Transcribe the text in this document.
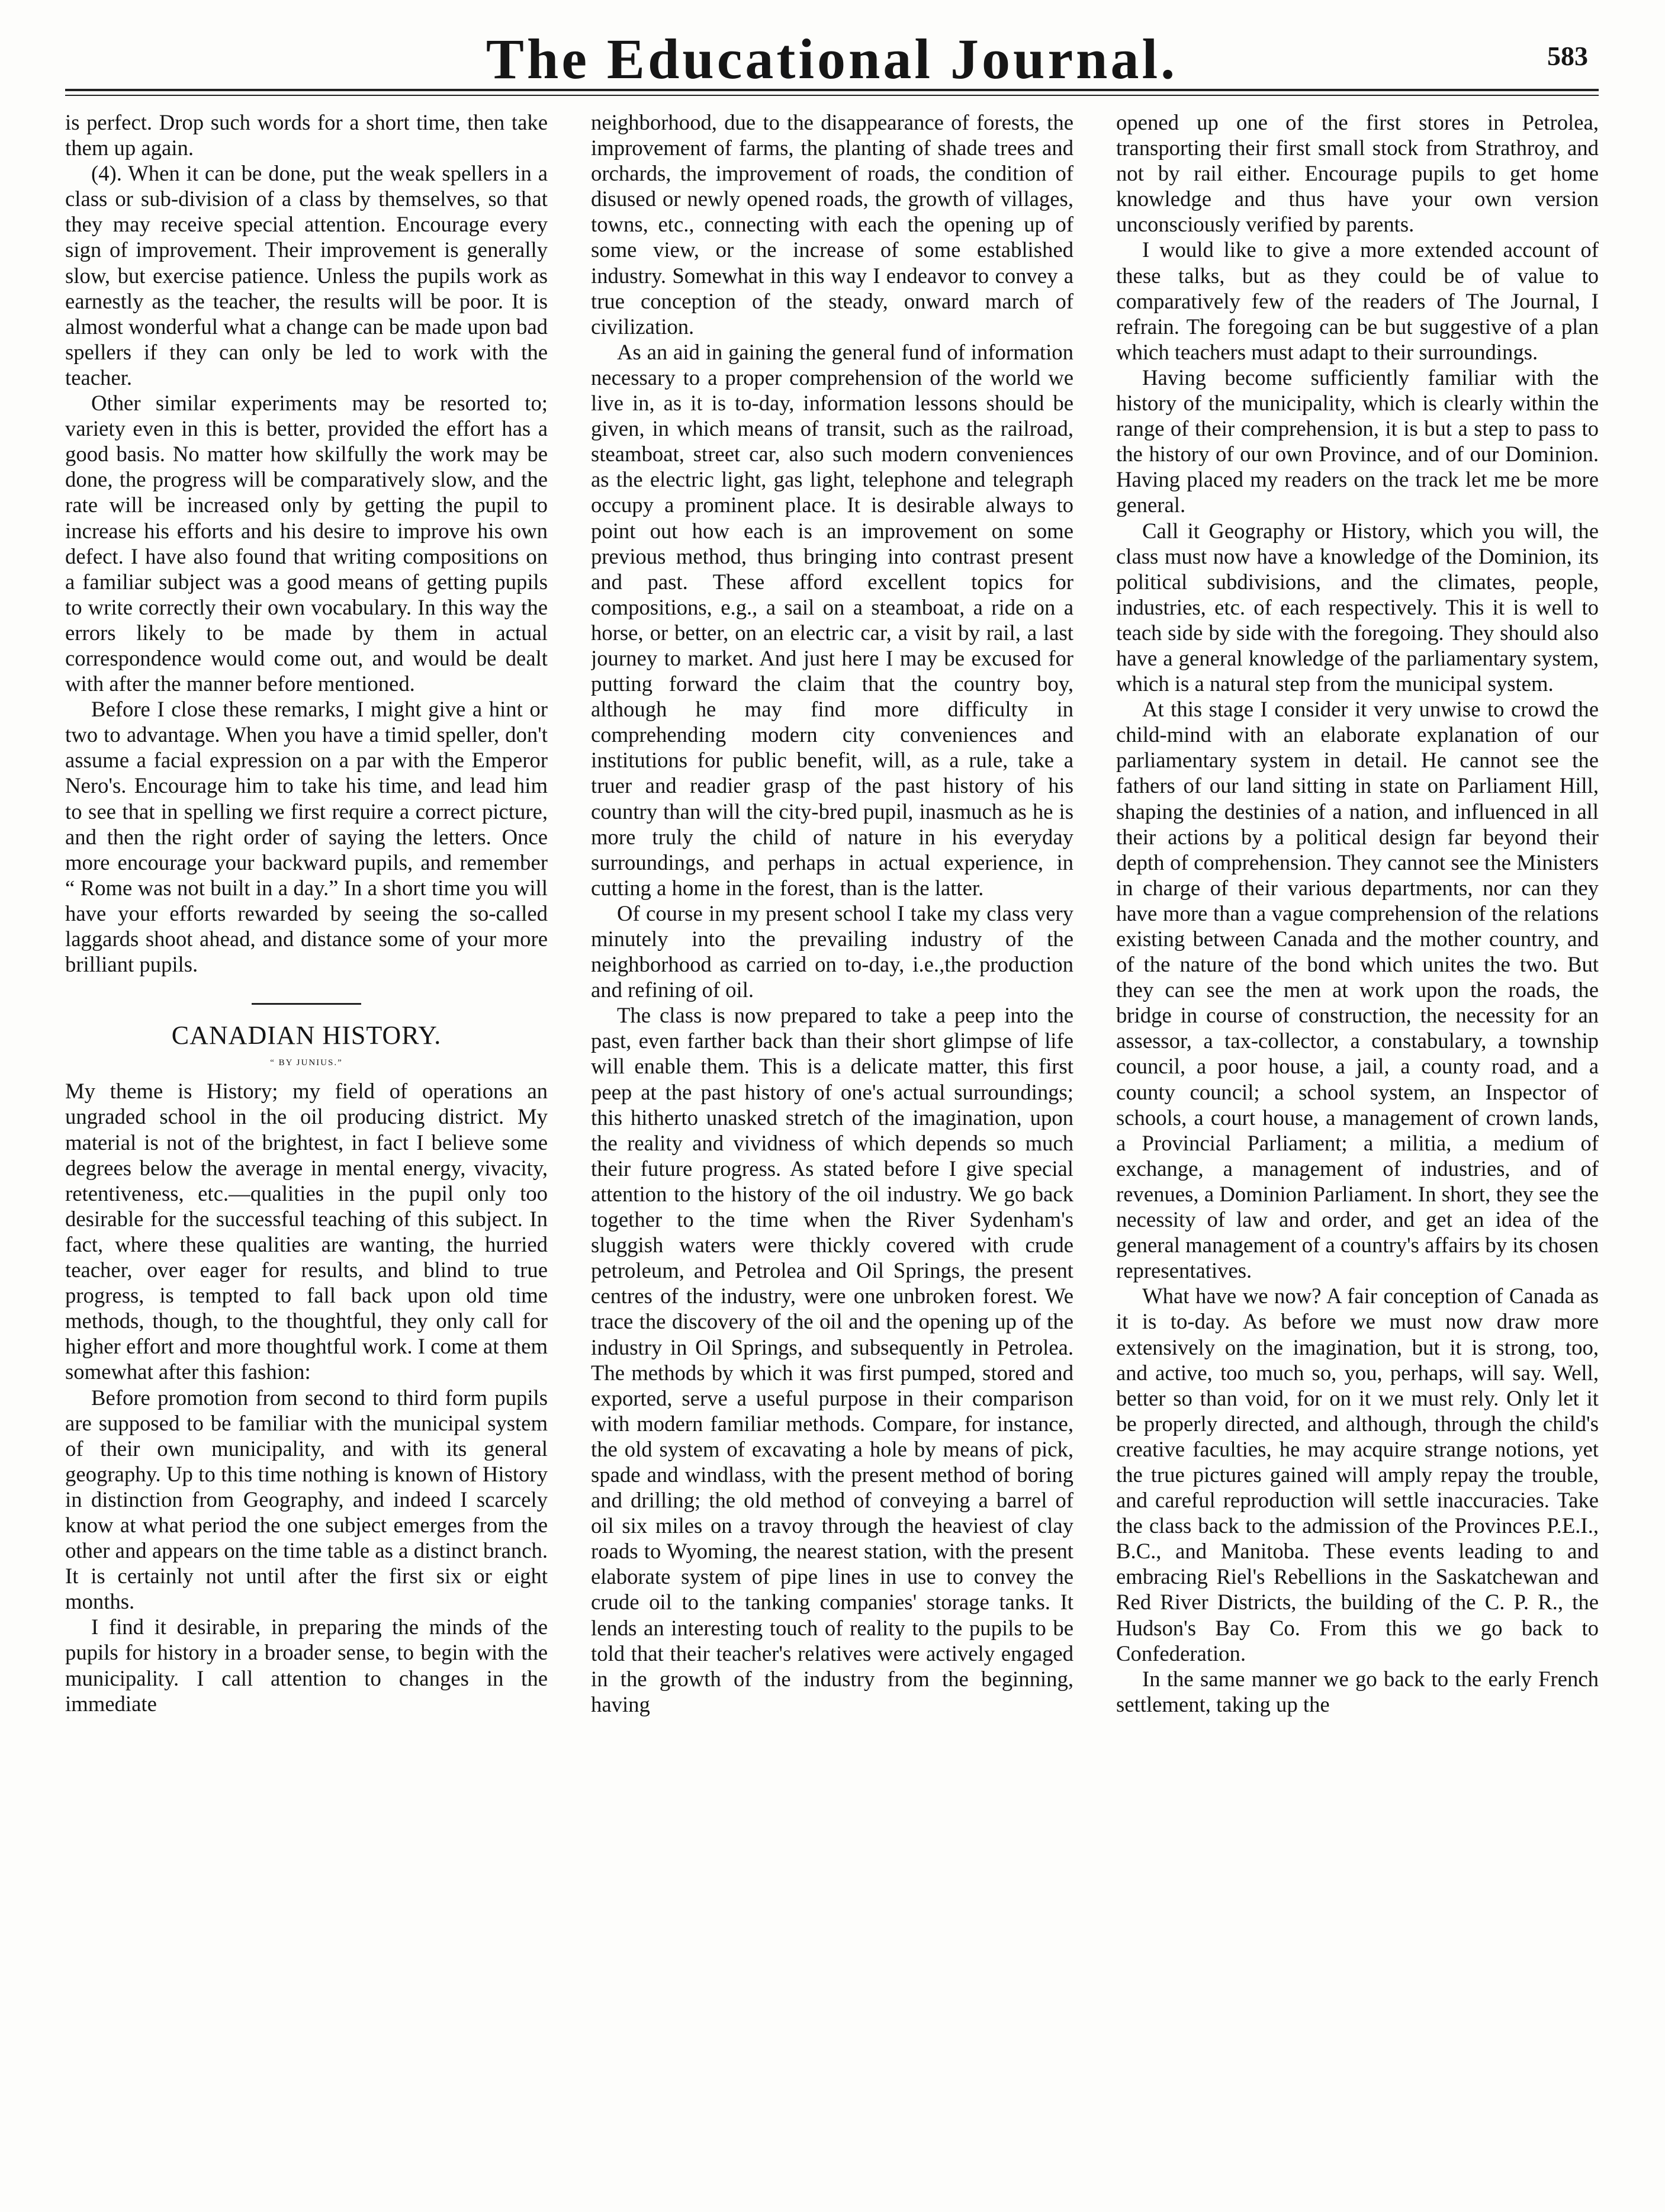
The Educational Journal.	583

is perfect. Drop such words for a short time, then take them up again.

(4). When it can be done, put the weak spellers in a class or sub-division of a class by themselves, so that they may receive special attention. Encourage every sign of improvement. Their improvement is generally slow, but exercise patience. Unless the pupils work as earnestly as the teacher, the results will be poor. It is almost wonderful what a change can be made upon bad spellers if they can only be led to work with the teacher.

Other similar experiments may be resorted to; variety even in this is better, provided the effort has a good basis. No matter how skilfully the work may be done, the progress will be comparatively slow, and the rate will be increased only by getting the pupil to increase his efforts and his desire to improve his own defect. I have also found that writing compositions on a familiar subject was a good means of getting pupils to write correctly their own vocabulary. In this way the errors likely to be made by them in actual correspondence would come out, and would be dealt with after the manner before mentioned.

Before I close these remarks, I might give a hint or two to advantage. When you have a timid speller, don't assume a facial expression on a par with the Emperor Nero's. Encourage him to take his time, and lead him to see that in spelling we first require a correct picture, and then the right order of saying the letters. Once more encourage your backward pupils, and remember “ Rome was not built in a day.” In a short time you will have your efforts rewarded by seeing the so-called laggards shoot ahead, and distance some of your more brilliant pupils.

CANADIAN HISTORY.
“ BY JUNIUS.”

My theme is History; my field of operations an ungraded school in the oil producing district. My material is not of the brightest, in fact I believe some degrees below the average in mental energy, vivacity, retentiveness, etc.—qualities in the pupil only too desirable for the successful teaching of this subject. In fact, where these qualities are wanting, the hurried teacher, over eager for results, and blind to true progress, is tempted to fall back upon old time methods, though, to the thoughtful, they only call for higher effort and more thoughtful work. I come at them somewhat after this fashion:

Before promotion from second to third form pupils are supposed to be familiar with the municipal system of their own municipality, and with its general geography. Up to this time nothing is known of History in distinction from Geography, and indeed I scarcely know at what period the one subject emerges from the other and appears on the time table as a distinct branch. It is certainly not until after the first six or eight months.

I find it desirable, in preparing the minds of the pupils for history in a broader sense, to begin with the municipality. I call attention to changes in the immediate

neighborhood, due to the disappearance of forests, the improvement of farms, the planting of shade trees and orchards, the improvement of roads, the condition of disused or newly opened roads, the growth of villages, towns, etc., connecting with each the opening up of some view, or the increase of some established industry. Somewhat in this way I endeavor to convey a true conception of the steady, onward march of civilization.

As an aid in gaining the general fund of information necessary to a proper comprehension of the world we live in, as it is to-day, information lessons should be given, in which means of transit, such as the railroad, steamboat, street car, also such modern conveniences as the electric light, gas light, telephone and telegraph occupy a prominent place. It is desirable always to point out how each is an improvement on some previous method, thus bringing into contrast present and past. These afford excellent topics for compositions, e.g., a sail on a steamboat, a ride on a horse, or better, on an electric car, a visit by rail, a last journey to market. And just here I may be excused for putting forward the claim that the country boy, although he may find more difficulty in comprehending modern city conveniences and institutions for public benefit, will, as a rule, take a truer and readier grasp of the past history of his country than will the city-bred pupil, inasmuch as he is more truly the child of nature in his everyday surroundings, and perhaps in actual experience, in cutting a home in the forest, than is the latter.

Of course in my present school I take my class very minutely into the prevailing industry of the neighborhood as carried on to-day, i.e.,the production and refining of oil.

The class is now prepared to take a peep into the past, even farther back than their short glimpse of life will enable them. This is a delicate matter, this first peep at the past history of one's actual surroundings; this hitherto unasked stretch of the imagination, upon the reality and vividness of which depends so much their future progress. As stated before I give special attention to the history of the oil industry. We go back together to the time when the River Sydenham's sluggish waters were thickly covered with crude petroleum, and Petrolea and Oil Springs, the present centres of the industry, were one unbroken forest. We trace the discovery of the oil and the opening up of the industry in Oil Springs, and subsequently in Petrolea. The methods by which it was first pumped, stored and exported, serve a useful purpose in their comparison with modern familiar methods. Compare, for instance, the old system of excavating a hole by means of pick, spade and windlass, with the present method of boring and drilling; the old method of conveying a barrel of oil six miles on a travoy through the heaviest of clay roads to Wyoming, the nearest station, with the present elaborate system of pipe lines in use to convey the crude oil to the tanking companies' storage tanks. It lends an interesting touch of reality to the pupils to be told that their teacher's relatives were actively engaged in the growth of the industry from the beginning, having

opened up one of the first stores in Petrolea, transporting their first small stock from Strathroy, and not by rail either. Encourage pupils to get home knowledge and thus have your own version unconsciously verified by parents.

I would like to give a more extended account of these talks, but as they could be of value to comparatively few of the readers of The Journal, I refrain. The foregoing can be but suggestive of a plan which teachers must adapt to their surroundings.

Having become sufficiently familiar with the history of the municipality, which is clearly within the range of their comprehension, it is but a step to pass to the history of our own Province, and of our Dominion. Having placed my readers on the track let me be more general.

Call it Geography or History, which you will, the class must now have a knowledge of the Dominion, its political subdivisions, and the climates, people, industries, etc. of each respectively. This it is well to teach side by side with the foregoing. They should also have a general knowledge of the parliamentary system, which is a natural step from the municipal system.

At this stage I consider it very unwise to crowd the child-mind with an elaborate explanation of our parliamentary system in detail. He cannot see the fathers of our land sitting in state on Parliament Hill, shaping the destinies of a nation, and influenced in all their actions by a political design far beyond their depth of comprehension. They cannot see the Ministers in charge of their various departments, nor can they have more than a vague comprehension of the relations existing between Canada and the mother country, and of the nature of the bond which unites the two. But they can see the men at work upon the roads, the bridge in course of construction, the necessity for an assessor, a tax-collector, a constabulary, a township council, a poor house, a jail, a county road, and a county council; a school system, an Inspector of schools, a court house, a management of crown lands, a Provincial Parliament; a militia, a medium of exchange, a management of industries, and of revenues, a Dominion Parliament. In short, they see the necessity of law and order, and get an idea of the general management of a country's affairs by its chosen representatives.

What have we now? A fair conception of Canada as it is to-day. As before we must now draw more extensively on the imagination, but it is strong, too, and active, too much so, you, perhaps, will say. Well, better so than void, for on it we must rely. Only let it be properly directed, and although, through the child's creative faculties, he may acquire strange notions, yet the true pictures gained will amply repay the trouble, and careful reproduction will settle inaccuracies. Take the class back to the admission of the Provinces P.E.I., B.C., and Manitoba. These events leading to and embracing Riel's Rebellions in the Saskatchewan and Red River Districts, the building of the C. P. R., the Hudson's Bay Co. From this we go back to Confederation.

In the same manner we go back to the early French settlement, taking up the
